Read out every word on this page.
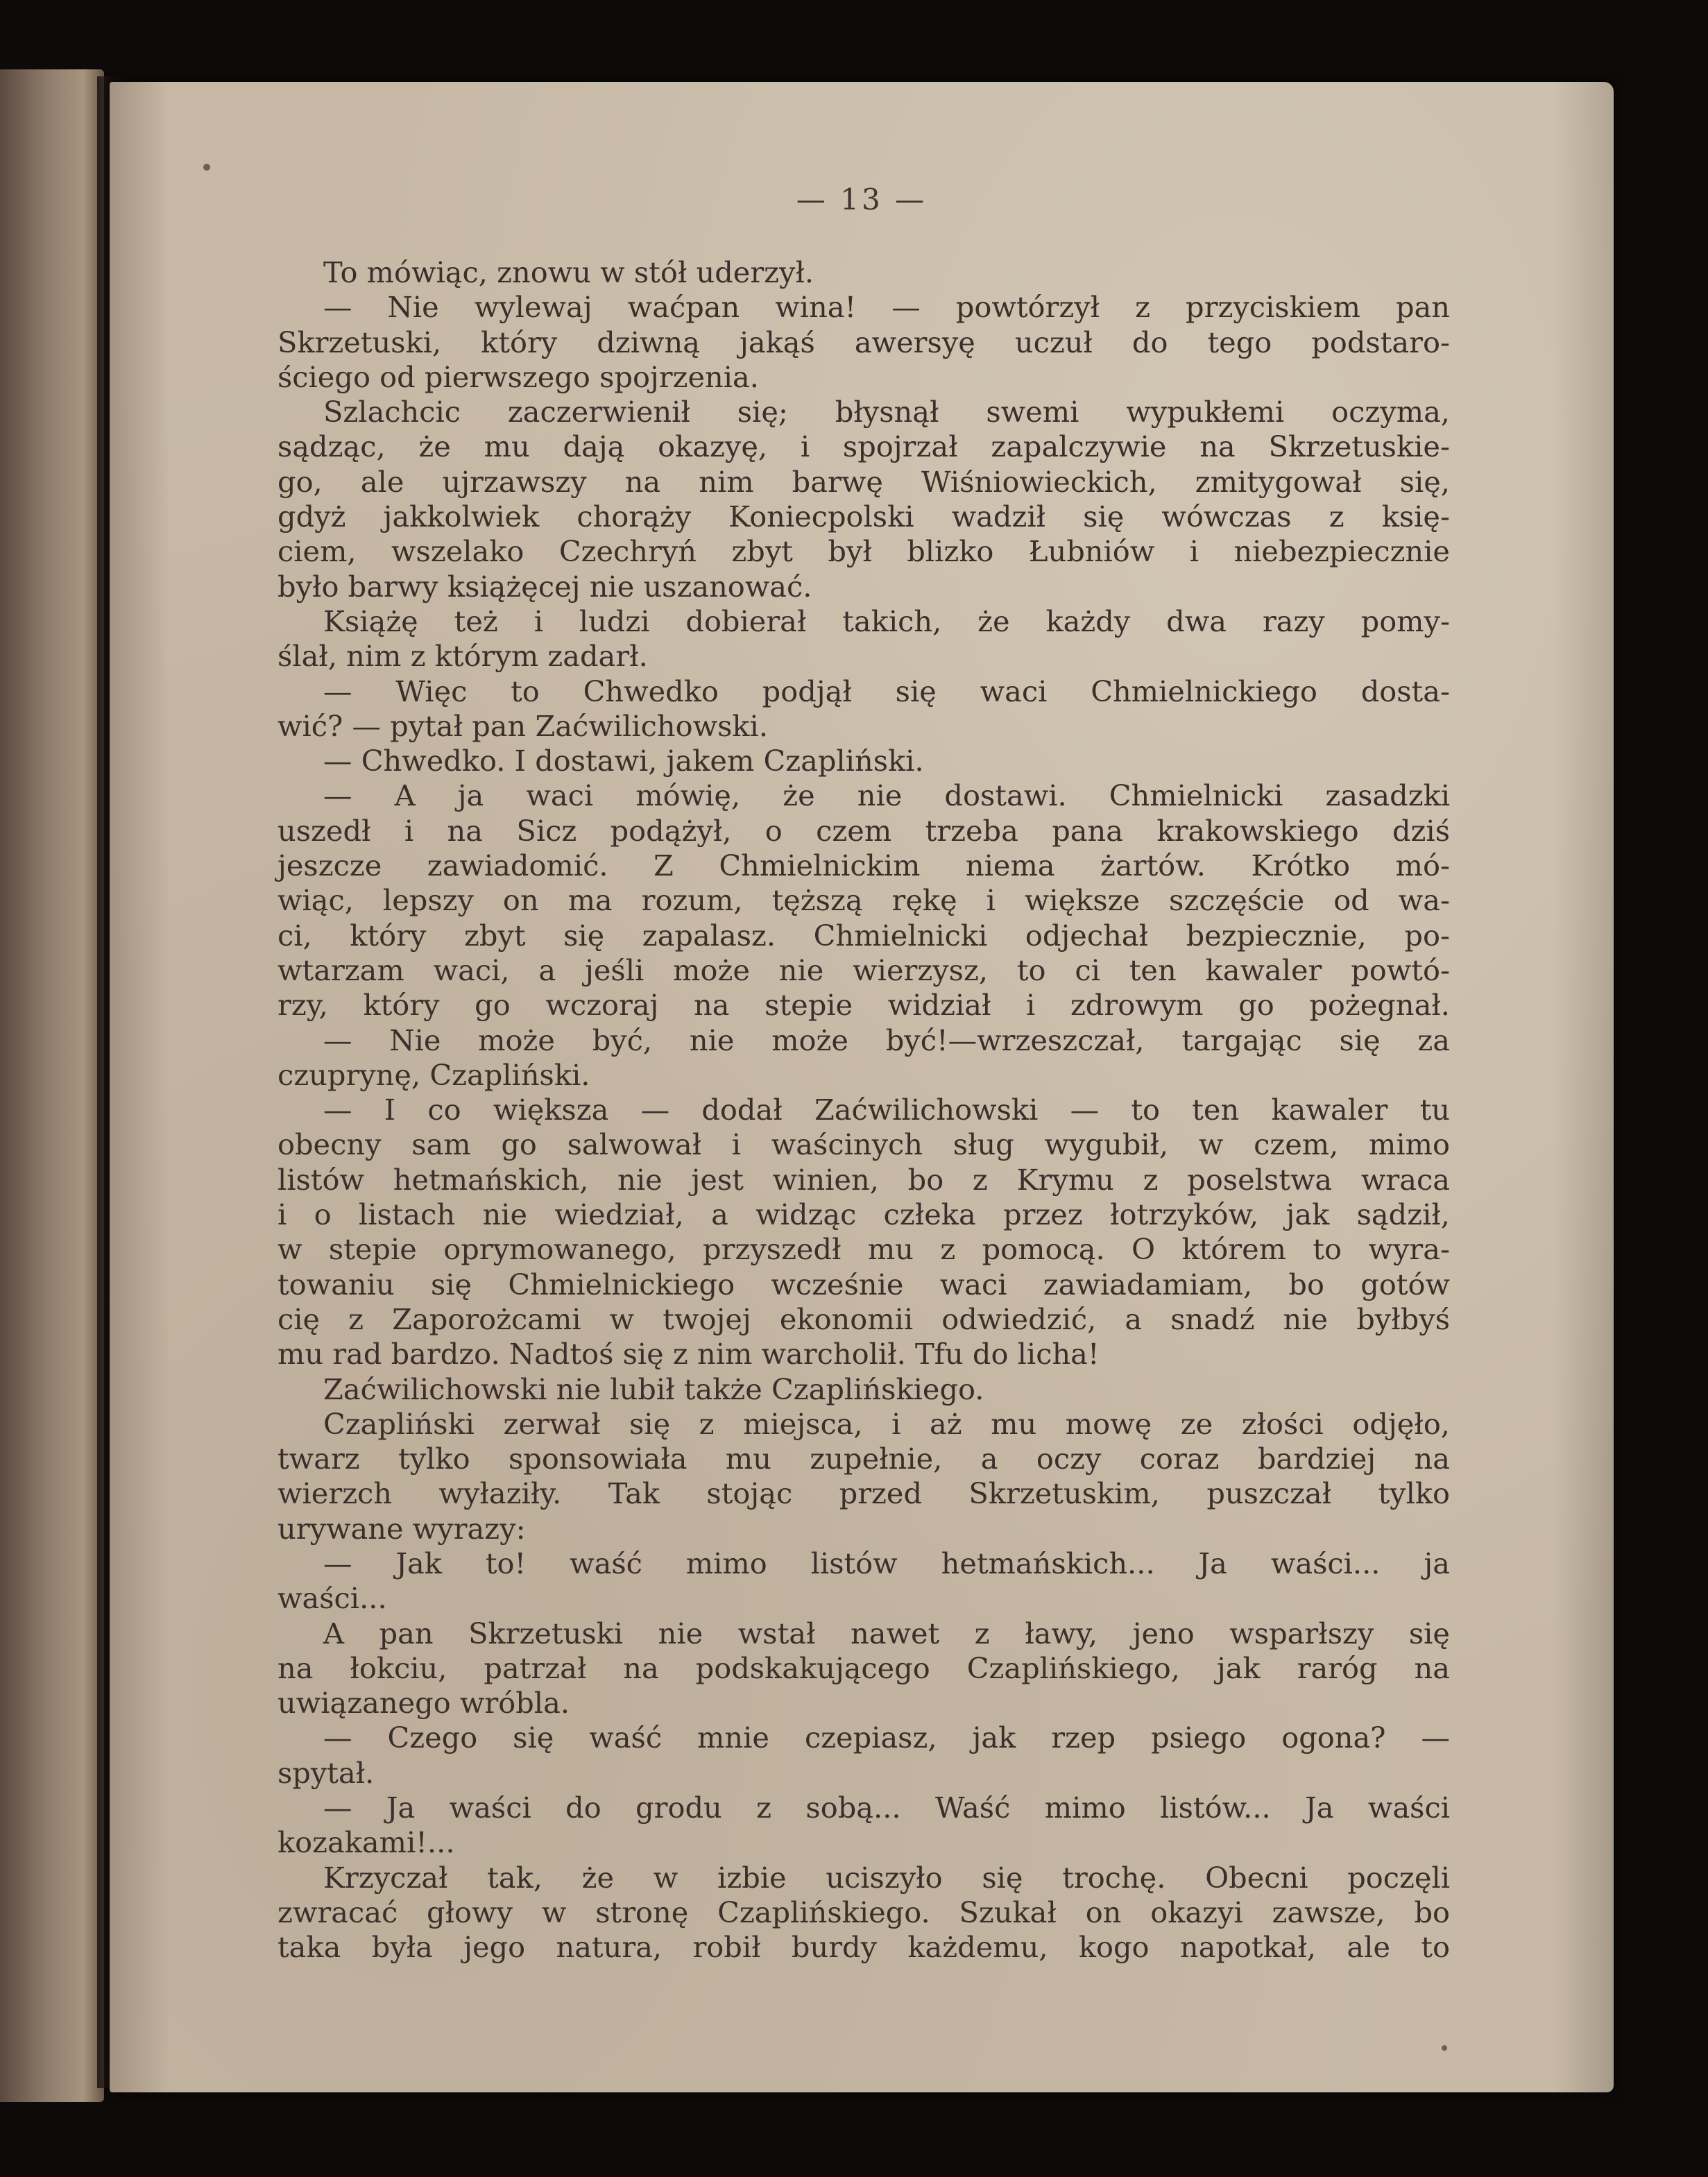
— 13 —
To mówiąc, znowu w stół uderzył.
— Nie wylewaj waćpan wina! — powtórzył z przyciskiem pan
Skrzetuski, który dziwną jakąś awersyę uczuł do tego podstaro-
ściego od pierwszego spojrzenia.
Szlachcic zaczerwienił się; błysnął swemi wypukłemi oczyma,
sądząc, że mu dają okazyę, i spojrzał zapalczywie na Skrzetuskie-
go, ale ujrzawszy na nim barwę Wiśniowieckich, zmitygował się,
gdyż jakkolwiek chorąży Koniecpolski wadził się wówczas z księ-
ciem, wszelako Czechryń zbyt był blizko Łubniów i niebezpiecznie
było barwy książęcej nie uszanować.
Książę też i ludzi dobierał takich, że każdy dwa razy pomy-
ślał, nim z którym zadarł.
— Więc to Chwedko podjął się waci Chmielnickiego dosta-
wić? — pytał pan Zaćwilichowski.
— Chwedko. I dostawi, jakem Czapliński.
— A ja waci mówię, że nie dostawi. Chmielnicki zasadzki
uszedł i na Sicz podążył, o czem trzeba pana krakowskiego dziś
jeszcze zawiadomić. Z Chmielnickim niema żartów. Krótko mó-
wiąc, lepszy on ma rozum, tęższą rękę i większe szczęście od wa-
ci, który zbyt się zapalasz. Chmielnicki odjechał bezpiecznie, po-
wtarzam waci, a jeśli może nie wierzysz, to ci ten kawaler powtó-
rzy, który go wczoraj na stepie widział i zdrowym go pożegnał.
— Nie może być, nie może być!—wrzeszczał, targając się za
czuprynę, Czapliński.
— I co większa — dodał Zaćwilichowski — to ten kawaler tu
obecny sam go salwował i waścinych sług wygubił, w czem, mimo
listów hetmańskich, nie jest winien, bo z Krymu z poselstwa wraca
i o listach nie wiedział, a widząc człeka przez łotrzyków, jak sądził,
w stepie oprymowanego, przyszedł mu z pomocą. O którem to wyra-
towaniu się Chmielnickiego wcześnie waci zawiadamiam, bo gotów
cię z Zaporożcami w twojej ekonomii odwiedzić, a snadź nie byłbyś
mu rad bardzo. Nadtoś się z nim warcholił. Tfu do licha!
Zaćwilichowski nie lubił także Czaplińskiego.
Czapliński zerwał się z miejsca, i aż mu mowę ze złości odjęło,
twarz tylko sponsowiała mu zupełnie, a oczy coraz bardziej na
wierzch wyłaziły. Tak stojąc przed Skrzetuskim, puszczał tylko
urywane wyrazy:
— Jak to! waść mimo listów hetmańskich... Ja waści... ja
waści...
A pan Skrzetuski nie wstał nawet z ławy, jeno wsparłszy się
na łokciu, patrzał na podskakującego Czaplińskiego, jak raróg na
uwiązanego wróbla.
— Czego się waść mnie czepiasz, jak rzep psiego ogona? —
spytał.
— Ja waści do grodu z sobą... Waść mimo listów... Ja waści
kozakami!...
Krzyczał tak, że w izbie uciszyło się trochę. Obecni poczęli
zwracać głowy w stronę Czaplińskiego. Szukał on okazyi zawsze, bo
taka była jego natura, robił burdy każdemu, kogo napotkał, ale to
